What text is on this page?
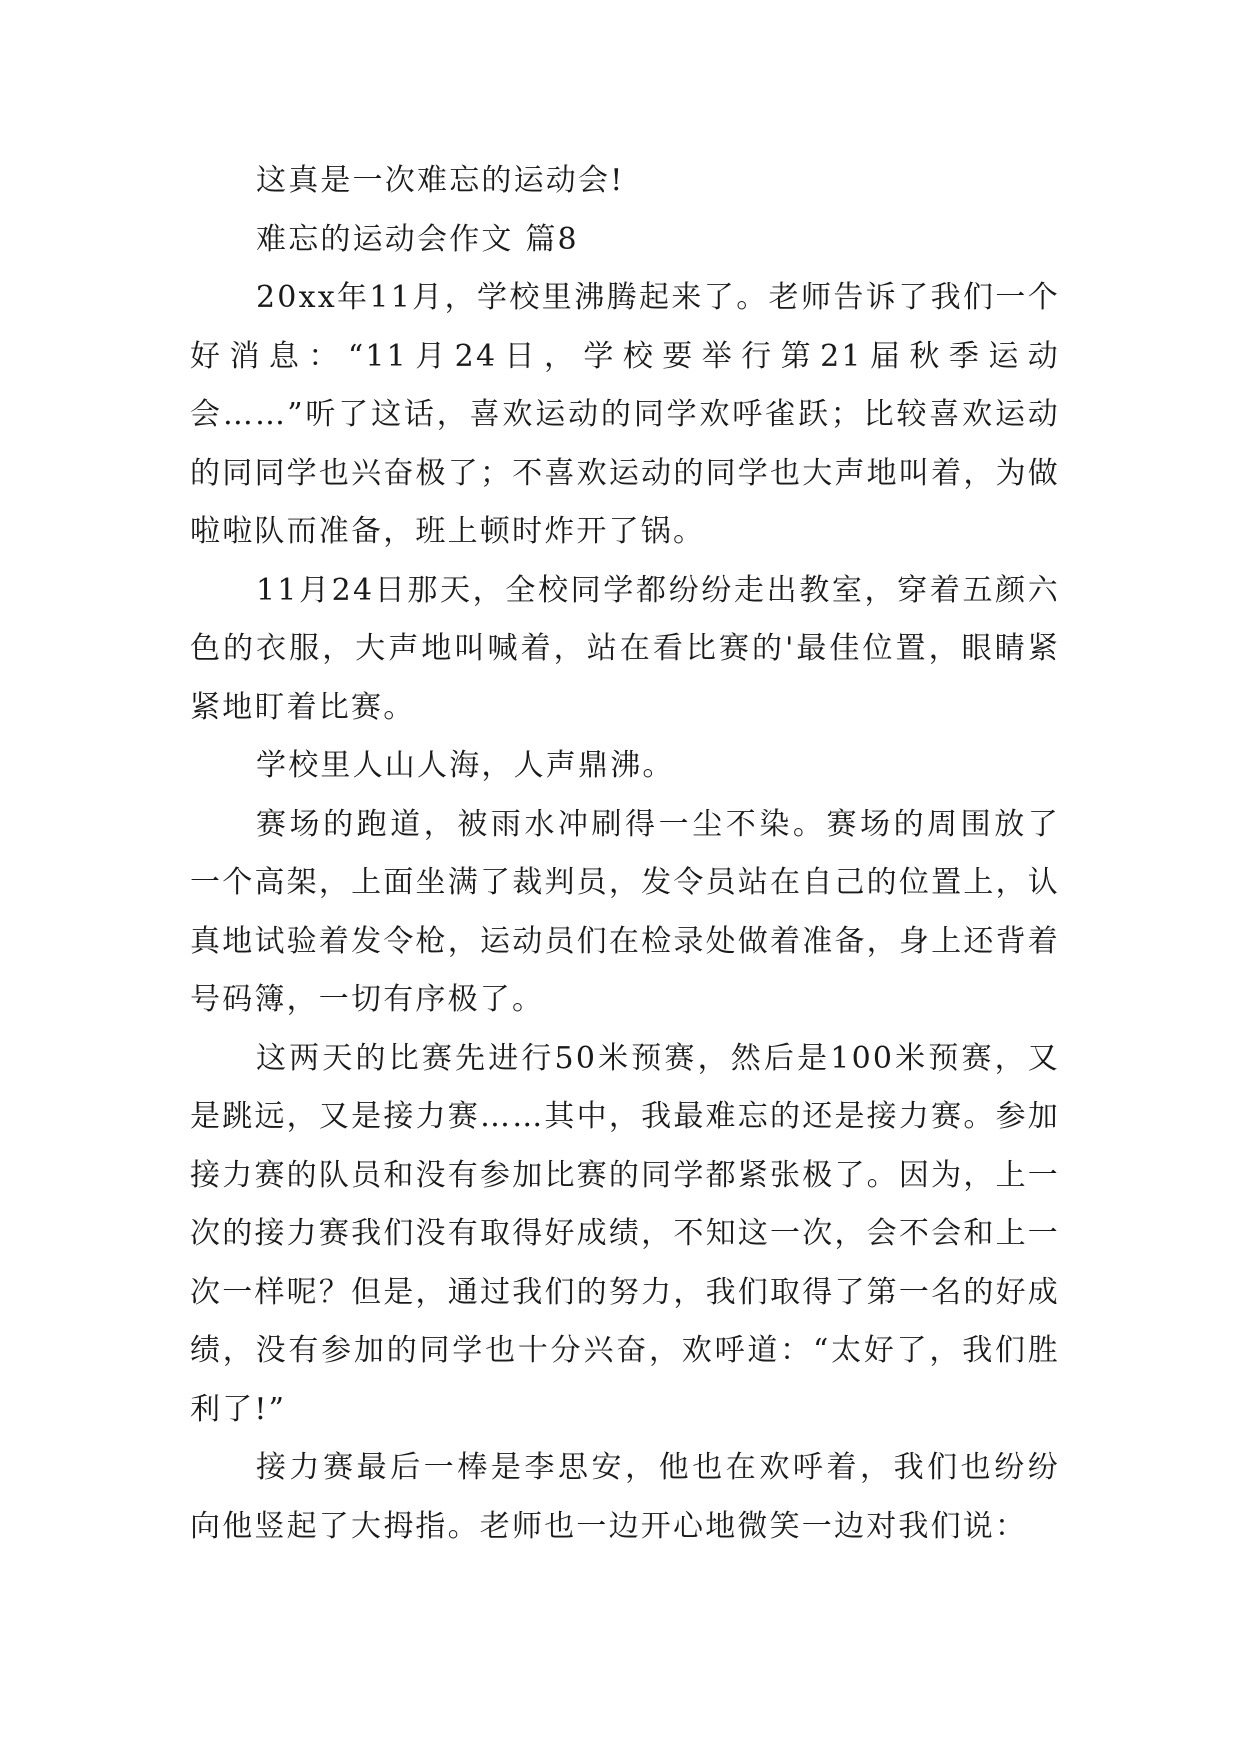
这真是一次难忘的运动会!

难忘的运动会作文 篇8

20xx年11月，学校里沸腾起来了。老师告诉了我们一个好消息：“11月24日，学校要举行第21届秋季运动会……”听了这话，喜欢运动的同学欢呼雀跃；比较喜欢运动的同同学也兴奋极了；不喜欢运动的同学也大声地叫着，为做啦啦队而准备，班上顿时炸开了锅。

11月24日那天，全校同学都纷纷走出教室，穿着五颜六色的衣服，大声地叫喊着，站在看比赛的'最佳位置，眼睛紧紧地盯着比赛。

学校里人山人海，人声鼎沸。

赛场的跑道，被雨水冲刷得一尘不染。赛场的周围放了一个高架，上面坐满了裁判员，发令员站在自己的位置上，认真地试验着发令枪，运动员们在检录处做着准备，身上还背着号码簿，一切有序极了。

这两天的比赛先进行50米预赛，然后是100米预赛，又是跳远，又是接力赛……其中，我最难忘的还是接力赛。参加接力赛的队员和没有参加比赛的同学都紧张极了。因为，上一次的接力赛我们没有取得好成绩，不知这一次，会不会和上一次一样呢？但是，通过我们的努力，我们取得了第一名的好成绩，没有参加的同学也十分兴奋，欢呼道：“太好了，我们胜利了!”

接力赛最后一棒是李思安，他也在欢呼着，我们也纷纷向他竖起了大拇指。老师也一边开心地微笑一边对我们说：
